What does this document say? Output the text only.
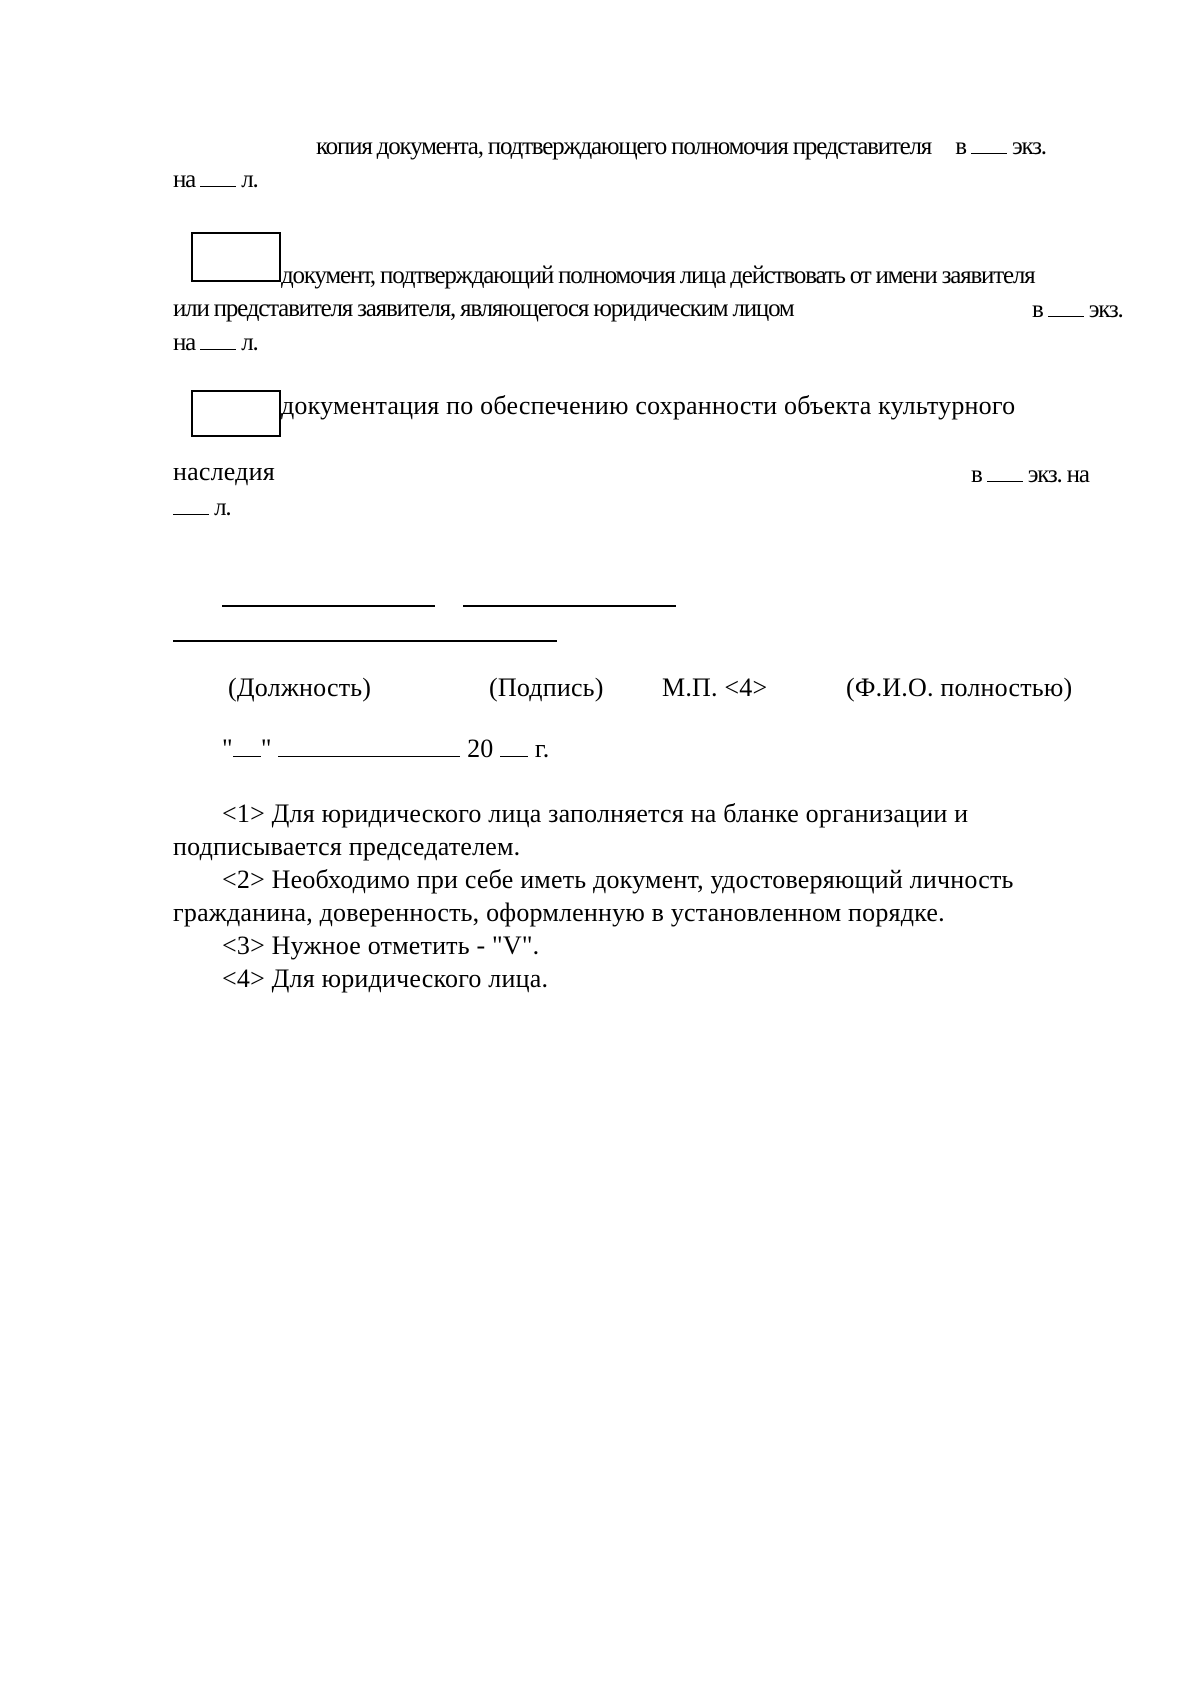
копия документа, подтверждающего полномочия представителя в экз.
на л.
документ, подтверждающий полномочия лица действовать от имени заявителя
или представителя заявителя, являющегося юридическим лицом	в экз.
на л.
документация по обеспечению сохранности объекта культурного
наследия	в экз. на
л.
(Должность)	(Подпись) М.П. <4>	(Ф.И.О. полностью)
" "	20 г.
<1> Для юридического лица заполняется на бланке организации и
подписывается председателем.
<2> Необходимо при себе иметь документ, удостоверяющий личность
гражданина, доверенность, оформленную в установленном порядке.
<3> Нужное отметить - "V".
<4> Для юридического лица.
